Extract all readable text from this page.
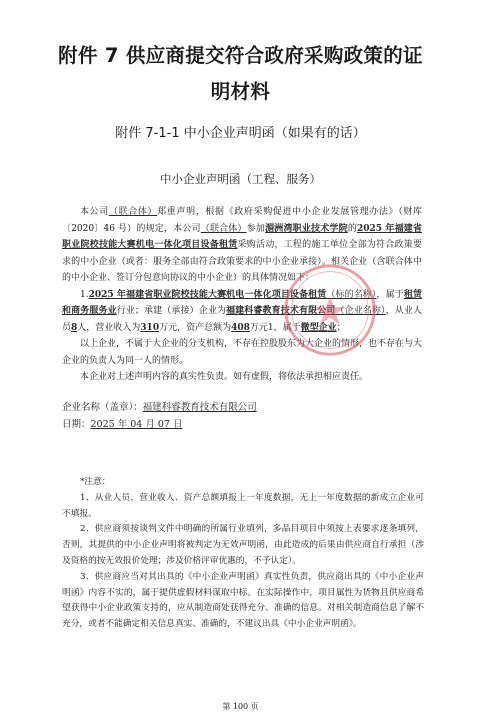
附件 7 供应商提交符合政府采购政策的证
明材料
附件 7-1-1 中小企业声明函（如果有的话）
中小企业声明函（工程、服务）

本公司（联合体）郑重声明，根据《政府采购促进中小企业发展管理办法》（财库〔2020〕46 号）的规定，本公司（联合体）参加湄洲湾职业技术学院的2025 年福建省职业院校技能大赛机电一体化项目设备租赁采购活动，工程的施工单位全部为符合政策要求的中小企业（或者：服务全部由符合政策要求的中小企业承接）。相关企业（含联合体中的中小企业、签订分包意向协议的中小企业）的具体情况如下：

1.2025 年福建省职业院校技能大赛机电一体化项目设备租赁（标的名称），属于租赁和商务服务业行业；承建（承接）企业为福建科睿教育技术有限公司（企业名称），从业人员8人，营业收入为310万元，资产总额为408万元1，属于微型企业；

以上企业，不属于大企业的分支机构，不存在控股股东为大企业的情形，也不存在与大企业的负责人为同一人的情形。

本企业对上述声明内容的真实性负责。如有虚假，将依法承担相应责任。

企业名称（盖章）：福建科睿教育技术有限公司
日期：2025 年 04 月 07 日

*注意：

1、从业人员、营业收入、资产总额填报上一年度数据，无上一年度数据的新成立企业可不填报。

2、供应商须按谈判文件中明确的所属行业填列，多品目项目中须按上表要求逐条填列，否则，其提供的中小企业声明将被判定为无效声明函，由此造成的后果由供应商自行承担（涉及资格的按无效报价处理；涉及价格评审优惠的，不予认定）。

3、供应商应当对其出具的《中小企业声明函》真实性负责，供应商出具的《中小企业声明函》内容不实的，属于提供虚假材料谋取中标。在实际操作中，项目属性为货物且供应商希望获得中小企业政策支持的，应从制造商处获得充分、准确的信息。对相关制造商信息了解不充分，或者不能确定相关信息真实、准确的，不建议出具《中小企业声明函》。

第 100 页
